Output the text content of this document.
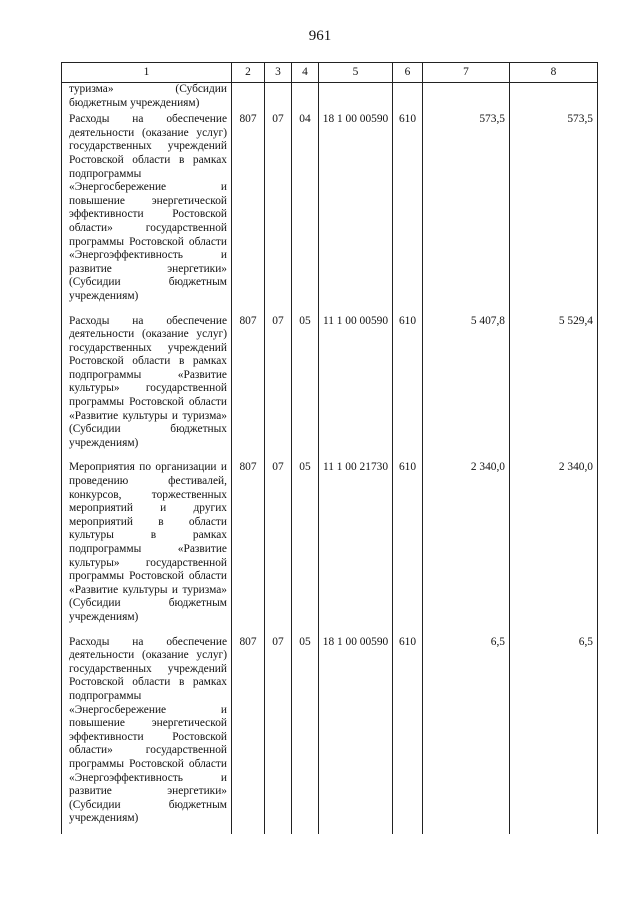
961
1	2	3	4	5	6	7	8
туризма» (Субсидии бюджетным учреждениям)							
Расходы на обеспечение деятельности (оказание услуг) государственных учреждений Ростовской области в рамках подпрограммы «Энергосбережение и повышение энергетической эффективности Ростовской области» государственной программы Ростовской области «Энергоэффективность и развитие энергетики» (Субсидии бюджетным учреждениям)	807	07	04	18 1 00 00590	610	573,5	573,5
Расходы на обеспечение деятельности (оказание услуг) государственных учреждений Ростовской области в рамках подпрограммы «Развитие культуры» государственной программы Ростовской области «Развитие культуры и туризма» (Субсидии бюджетных учреждениям)	807	07	05	11 1 00 00590	610	5 407,8	5 529,4
Мероприятия по организации и проведению фестивалей, конкурсов, торжественных мероприятий и других мероприятий в области культуры в рамках подпрограммы «Развитие культуры» государственной программы Ростовской области «Развитие культуры и туризма» (Субсидии бюджетным учреждениям)	807	07	05	11 1 00 21730	610	2 340,0	2 340,0
Расходы на обеспечение деятельности (оказание услуг) государственных учреждений Ростовской области в рамках подпрограммы «Энергосбережение и повышение энергетической эффективности Ростовской области» государственной программы Ростовской области «Энергоэффективность и развитие энергетики» (Субсидии бюджетным учреждениям)	807	07	05	18 1 00 00590	610	6,5	6,5
